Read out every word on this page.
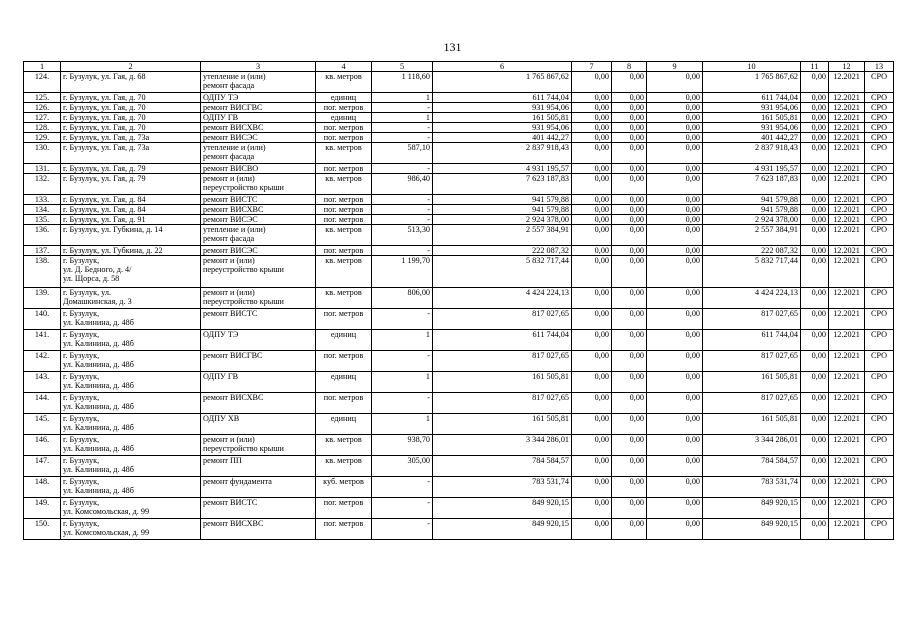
131
1	2	3	4	5	6	7	8	9	10	11	12	13
124.	г. Бузулук, ул. Гая, д. 68	утепление и (или)
ремонт фасада	кв. метров	1 118,60	1 765 867,62	0,00	0,00	0,00	1 765 867,62	0,00	12.2021	СРО
125.	г. Бузулук, ул. Гая, д. 70	ОДПУ ТЭ	единиц	1	611 744,04	0,00	0,00	0,00	611 744,04	0,00	12.2021	СРО
126.	г. Бузулук, ул. Гая, д. 70	ремонт ВИСГВС	пог. метров	-	931 954,06	0,00	0,00	0,00	931 954,06	0,00	12.2021	СРО
127.	г. Бузулук, ул. Гая, д. 70	ОДПУ ГВ	единиц	1	161 505,81	0,00	0,00	0,00	161 505,81	0,00	12.2021	СРО
128.	г. Бузулук, ул. Гая, д. 70	ремонт ВИСХВС	пог. метров	-	931 954,06	0,00	0,00	0,00	931 954,06	0,00	12.2021	СРО
129.	г. Бузулук, ул. Гая, д. 73а	ремонт ВИСЭС	пог. метров	-	401 442,27	0,00	0,00	0,00	401 442,27	0,00	12.2021	СРО
130.	г. Бузулук, ул. Гая, д. 73а	утепление и (или)
ремонт фасада	кв. метров	587,10	2 837 918,43	0,00	0,00	0,00	2 837 918,43	0,00	12.2021	СРО
131.	г. Бузулук, ул. Гая, д. 79	ремонт ВИСВО	пог. метров	-	4 931 195,57	0,00	0,00	0,00	4 931 195,57	0,00	12.2021	СРО
132.	г. Бузулук, ул. Гая, д. 79	ремонт и (или)
переустройство крыши	кв. метров	986,40	7 623 187,83	0,00	0,00	0,00	7 623 187,83	0,00	12.2021	СРО
133.	г. Бузулук, ул. Гая, д. 84	ремонт ВИСТС	пог. метров	-	941 579,88	0,00	0,00	0,00	941 579,88	0,00	12.2021	СРО
134.	г. Бузулук, ул. Гая, д. 84	ремонт ВИСХВС	пог. метров	-	941 579,88	0,00	0,00	0,00	941 579,88	0,00	12.2021	СРО
135.	г. Бузулук, ул. Гая, д. 91	ремонт ВИСЭС	пог. метров	-	2 924 378,00	0,00	0,00	0,00	2 924 378,00	0,00	12.2021	СРО
136.	г. Бузулук, ул. Губкина, д. 14	утепление и (или)
ремонт фасада	кв. метров	513,30	2 557 384,91	0,00	0,00	0,00	2 557 384,91	0,00	12.2021	СРО
137.	г. Бузулук, ул. Губкина, д. 22	ремонт ВИСЭС	пог. метров	-	222 087,32	0,00	0,00	0,00	222 087,32	0,00	12.2021	СРО
138.	г. Бузулук,
ул. Д. Бедного, д. 4/
ул. Щорса, д. 58	ремонт и (или)
переустройство крыши	кв. метров	1 199,70	5 832 717,44	0,00	0,00	0,00	5 832 717,44	0,00	12.2021	СРО
139.	г. Бузулук, ул.
Домашкинская, д. 3	ремонт и (или)
переустройство крыши	кв. метров	806,00	4 424 224,13	0,00	0,00	0,00	4 424 224,13	0,00	12.2021	СРО
140.	г. Бузулук,
ул. Калинина, д. 48б	ремонт ВИСТС	пог. метров	-	817 027,65	0,00	0,00	0,00	817 027,65	0,00	12.2021	СРО
141.	г. Бузулук,
ул. Калинина, д. 48б	ОДПУ ТЭ	единиц	1	611 744,04	0,00	0,00	0,00	611 744,04	0,00	12.2021	СРО
142.	г. Бузулук,
ул. Калинина, д. 48б	ремонт ВИСГВС	пог. метров	-	817 027,65	0,00	0,00	0,00	817 027,65	0,00	12.2021	СРО
143.	г. Бузулук,
ул. Калинина, д. 48б	ОДПУ ГВ	единиц	1	161 505,81	0,00	0,00	0,00	161 505,81	0,00	12.2021	СРО
144.	г. Бузулук,
ул. Калинина, д. 48б	ремонт ВИСХВС	пог. метров	-	817 027,65	0,00	0,00	0,00	817 027,65	0,00	12.2021	СРО
145.	г. Бузулук,
ул. Калинина, д. 48б	ОДПУ ХВ	единиц	1	161 505,81	0,00	0,00	0,00	161 505,81	0,00	12.2021	СРО
146.	г. Бузулук,
ул. Калинина, д. 48б	ремонт и (или)
переустройство крыши	кв. метров	938,70	3 344 286,01	0,00	0,00	0,00	3 344 286,01	0,00	12.2021	СРО
147.	г. Бузулук,
ул. Калинина, д. 48б	ремонт ПП	кв. метров	305,00	784 584,57	0,00	0,00	0,00	784 584,57	0,00	12.2021	СРО
148.	г. Бузулук,
ул. Калинина, д. 48б	ремонт фундамента	куб. метров	-	783 531,74	0,00	0,00	0,00	783 531,74	0,00	12.2021	СРО
149.	г. Бузулук,
ул. Комсомольская, д. 99	ремонт ВИСТС	пог. метров	-	849 920,15	0,00	0,00	0,00	849 920,15	0,00	12.2021	СРО
150.	г. Бузулук,
ул. Комсомольская, д. 99	ремонт ВИСХВС	пог. метров	-	849 920,15	0,00	0,00	0,00	849 920,15	0,00	12.2021	СРО
